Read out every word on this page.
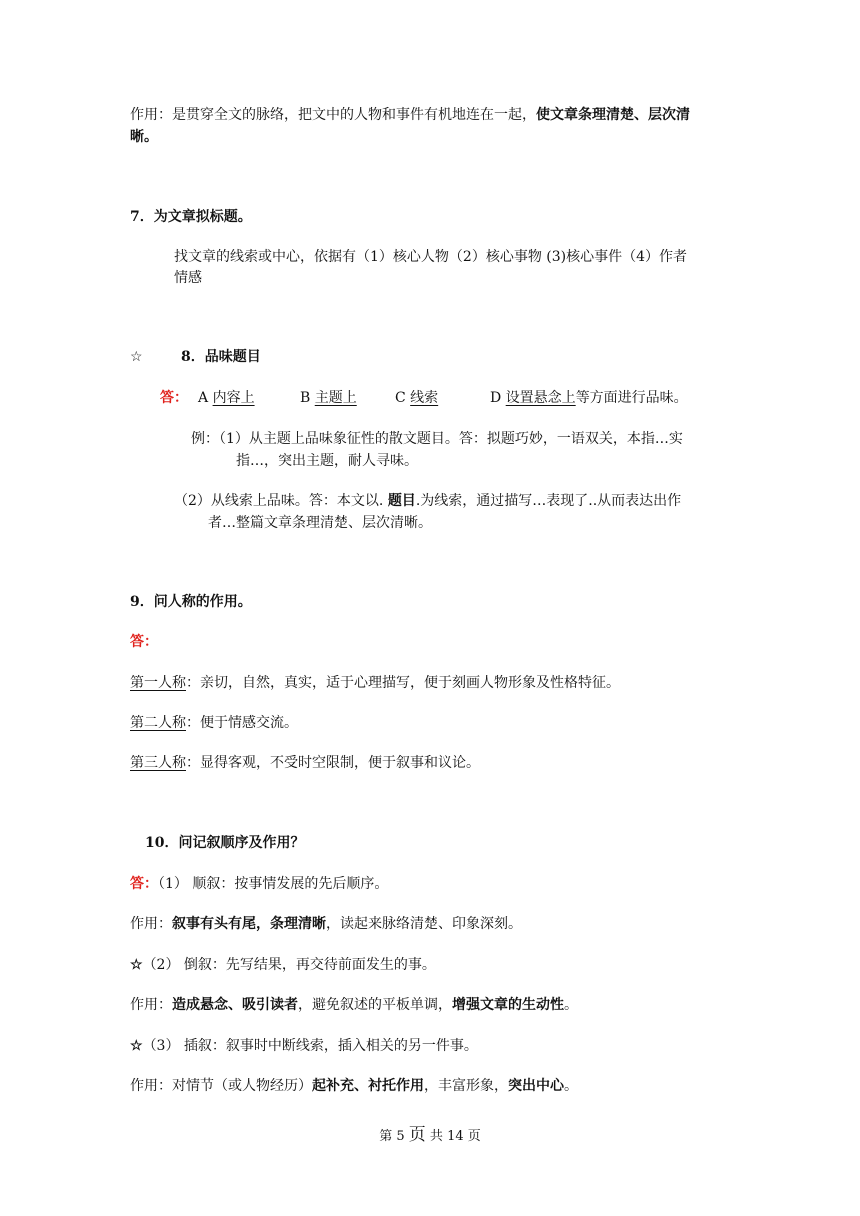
作用：是贯穿全文的脉络，把文中的人物和事件有机地连在一起，使文章条理清楚、层次清
晰。
7．为文章拟标题。
找文章的线索或中心，依据有（1）核心人物（2）核心事物 (3)核心事件（4）作者
情感
☆	8．品味题目
答： A 内容上	B 主题上	C 线索	D 设置悬念上等方面进行品味。
例：（1）从主题上品味象征性的散文题目。答：拟题巧妙，一语双关，本指…实
指…，突出主题，耐人寻味。
（2）从线索上品味。答：本文以. 题目.为线索，通过描写…表现了..从而表达出作
者…整篇文章条理清楚、层次清晰。
9．问人称的作用。
答：
第一人称：亲切，自然，真实，适于心理描写，便于刻画人物形象及性格特征。
第二人称：便于情感交流。
第三人称：显得客观，不受时空限制，便于叙事和议论。
10．问记叙顺序及作用？
答：（1） 顺叙：按事情发展的先后顺序。
作用：叙事有头有尾，条理清晰，读起来脉络清楚、印象深刻。
☆（2） 倒叙：先写结果，再交待前面发生的事。
作用：造成悬念、吸引读者，避免叙述的平板单调，增强文章的生动性。
☆（3） 插叙：叙事时中断线索，插入相关的另一件事。
作用：对情节（或人物经历）起补充、衬托作用，丰富形象，突出中心。
第 5 页 共 14 页
